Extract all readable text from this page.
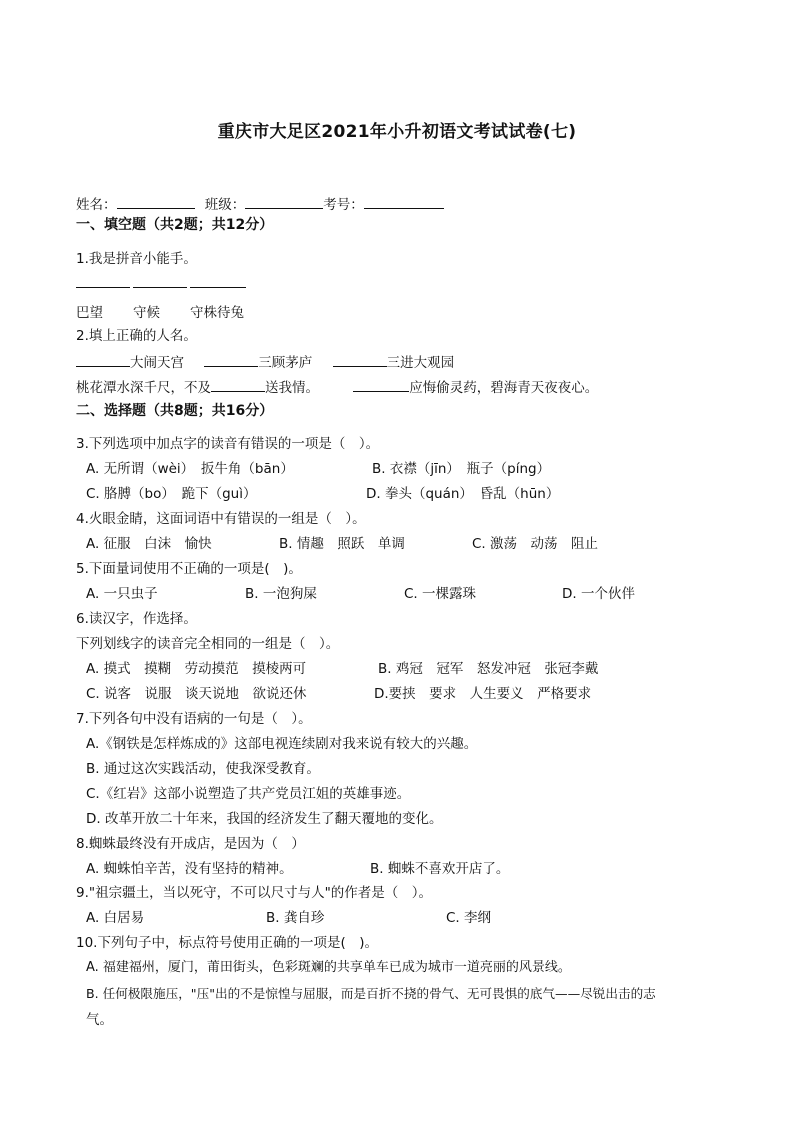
重庆市大足区2021年小升初语文考试试卷(七)
姓名：	班级：	考号：
一、填空题（共2题；共12分）
1.我是拼音小能手。
巴望 守候 守株待兔
2.填上正确的人名。
大闹天宫	三顾茅庐	三进大观园
桃花潭水深千尺，不及	送我情。	应悔偷灵药，碧海青天夜夜心。
二、选择题（共8题；共16分）
3.下列选项中加点字的读音有错误的一项是（　）。
A. 无所谓（wèi）　扳牛角（bān）	B. 衣襟（jīn）　瓶子（píng）
C. 胳膊（bo）　跪下（guì）	D. 拳头（quán）　昏乱（hūn）
4.火眼金睛，这面词语中有错误的一组是（　）。
A. 征服　白沫　愉快	B. 情趣　照跃　单调	C. 激荡　动荡　阻止
5.下面量词使用不正确的一项是(　)。
A. 一只虫子	B. 一泡狗屎	C. 一棵露珠	D. 一个伙伴
6.读汉字，作选择。
下列划线字的读音完全相同的一组是（　）。
A. 摸式　摸糊　劳动摸范　摸棱两可	B. 鸡冠　冠军　怒发冲冠　张冠李戴
C. 说客　说服　谈天说地　欲说还休	D.要挟　要求　人生要义　严格要求
7.下列各句中没有语病的一句是（　）。
A.《钢铁是怎样炼成的》这部电视连续剧对我来说有较大的兴趣。
B. 通过这次实践活动，使我深受教育。
C.《红岩》这部小说塑造了共产党员江姐的英雄事迹。
D. 改革开放二十年来，我国的经济发生了翻天覆地的变化。
8.蜘蛛最终没有开成店，是因为（　）
A. 蜘蛛怕辛苦，没有坚持的精神。	B. 蜘蛛不喜欢开店了。
9."祖宗疆土，当以死守，不可以尺寸与人"的作者是（　）。
A. 白居易	B. 龚自珍	C. 李纲
10.下列句子中，标点符号使用正确的一项是(　)。
A. 福建福州，厦门，莆田街头，色彩斑斓的共享单车已成为城市一道亮丽的风景线。
B. 任何极限施压，"压"出的不是惊惶与屈服，而是百折不挠的骨气、无可畏惧的底气——尽锐出击的志
气。
